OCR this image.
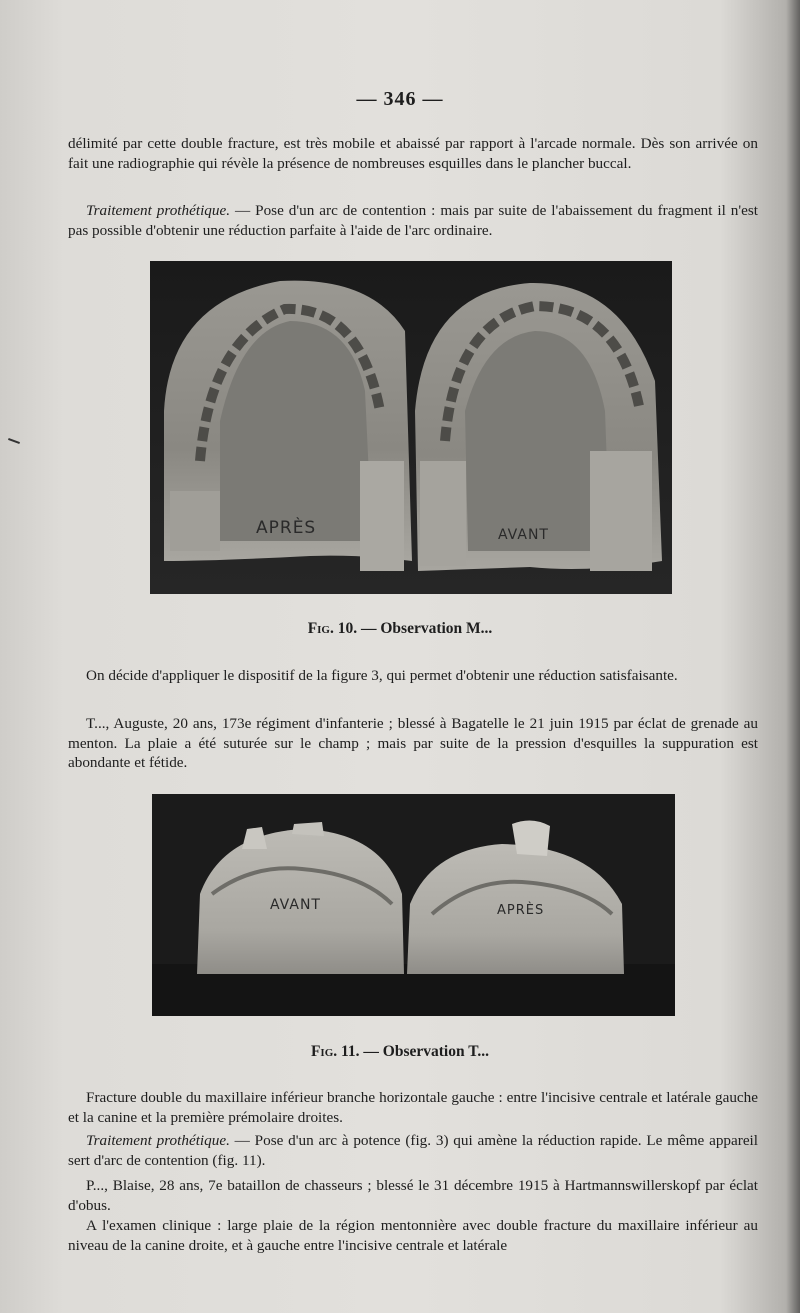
— 346 —
délimité par cette double fracture, est très mobile et abaissé par rapport à l'arcade normale. Dès son arrivée on fait une radiographie qui révèle la présence de nombreuses esquilles dans le plancher buccal.
Traitement prothétique. — Pose d'un arc de contention : mais par suite de l'abaissement du fragment il n'est pas possible d'obtenir une réduction parfaite à l'aide de l'arc ordinaire.
APRÈS	AVANT
Fig. 10. — Observation M...
On décide d'appliquer le dispositif de la figure 3, qui permet d'obtenir une réduction satisfaisante.
T..., Auguste, 20 ans, 173e régiment d'infanterie ; blessé à Bagatelle le 21 juin 1915 par éclat de grenade au menton. La plaie a été suturée sur le champ ; mais par suite de la pression d'esquilles la suppuration est abondante et fétide.
AVANT	APRÈS
Fig. 11. — Observation T...
Fracture double du maxillaire inférieur branche horizontale gauche : entre l'incisive centrale et latérale gauche et la canine et la première prémolaire droites.
Traitement prothétique. — Pose d'un arc à potence (fig. 3) qui amène la réduction rapide. Le même appareil sert d'arc de contention (fig. 11).
P..., Blaise, 28 ans, 7e bataillon de chasseurs ; blessé le 31 décembre 1915 à Hartmannswillerskopf par éclat d'obus.
A l'examen clinique : large plaie de la région mentonnière avec double fracture du maxillaire inférieur au niveau de la canine droite, et à gauche entre l'incisive centrale et latérale
